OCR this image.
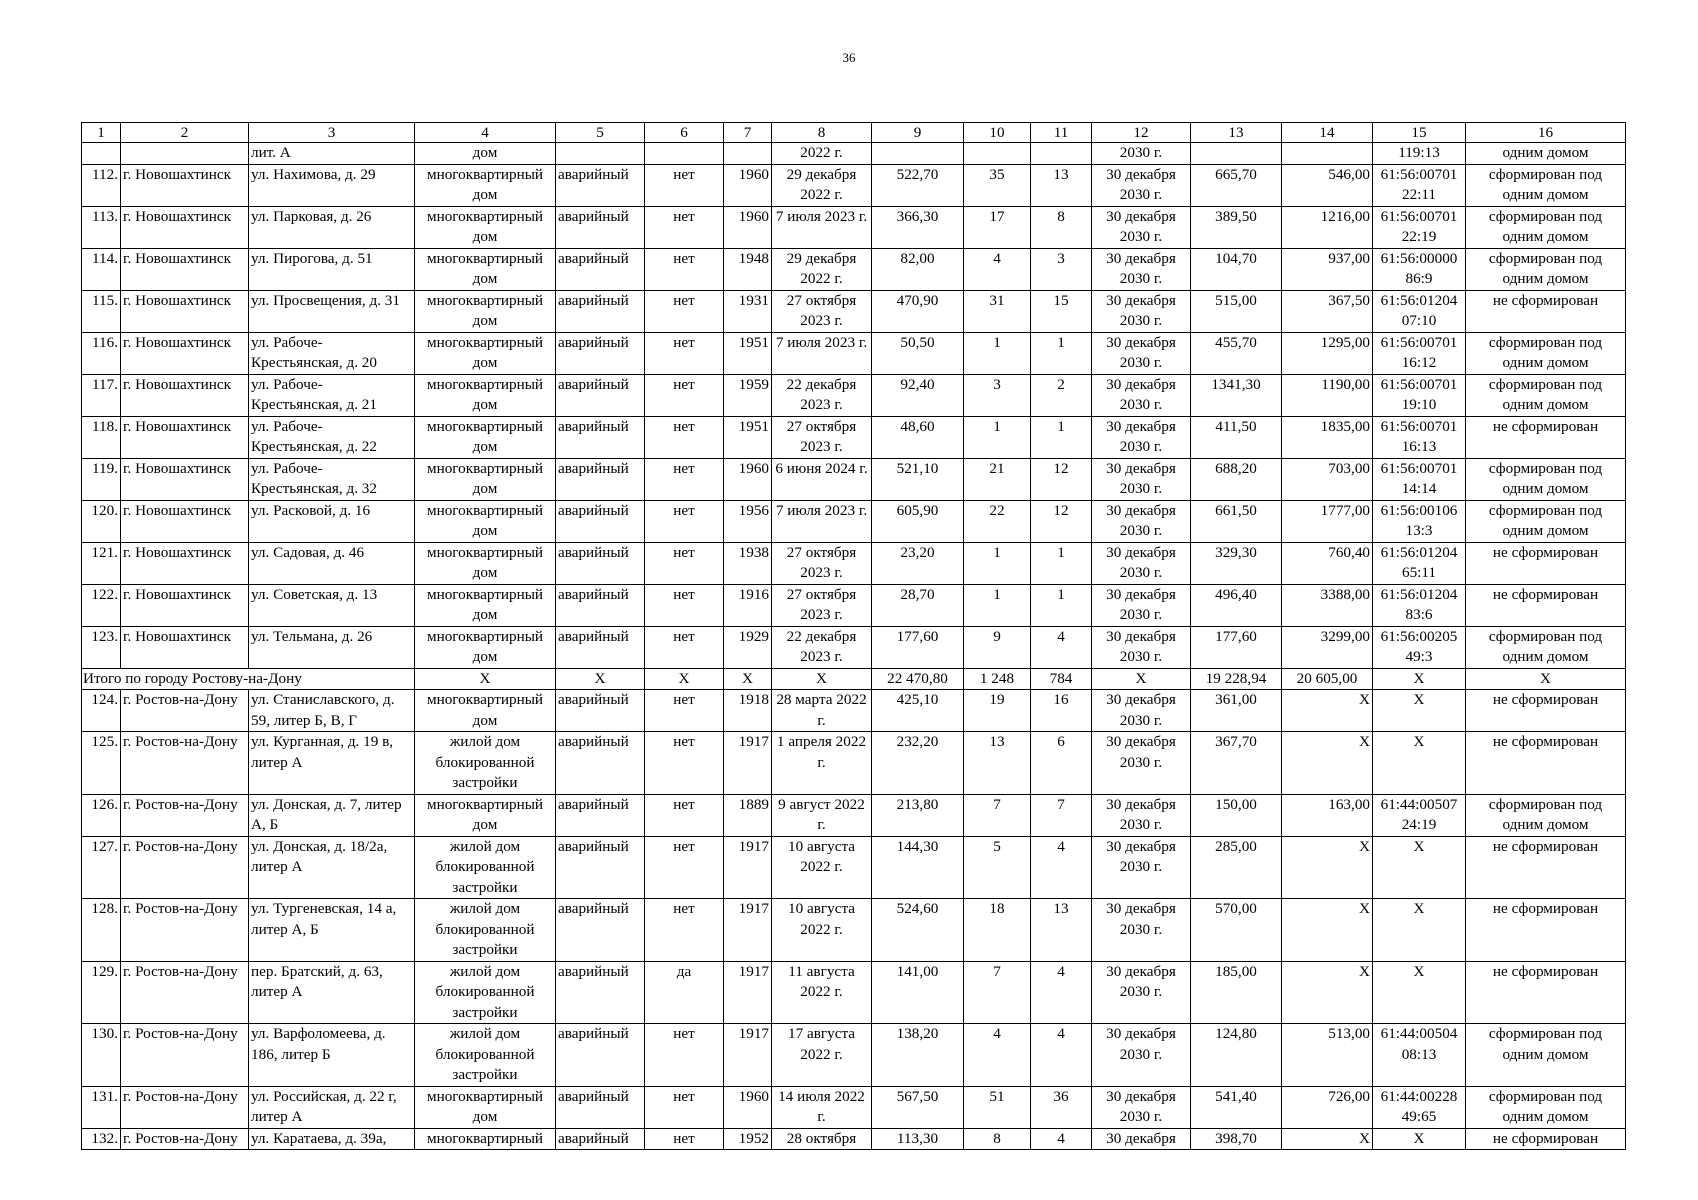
36
1	2	3	4	5	6	7	8	9	10	11	12	13	14	15	16
		лит. А	дом				2022 г.				2030 г.			119:13	одним домом
112.	г. Новошахтинск	ул. Нахимова, д. 29	многоквартирный дом	аварийный	нет	1960	29 декабря 2022 г.	522,70	35	13	30 декабря 2030 г.	665,70	546,00	61:56:00701 22:11	сформирован под одним домом
113.	г. Новошахтинск	ул. Парковая, д. 26	многоквартирный дом	аварийный	нет	1960	7 июля 2023 г.	366,30	17	8	30 декабря 2030 г.	389,50	1216,00	61:56:00701 22:19	сформирован под одним домом
114.	г. Новошахтинск	ул. Пирогова, д. 51	многоквартирный дом	аварийный	нет	1948	29 декабря 2022 г.	82,00	4	3	30 декабря 2030 г.	104,70	937,00	61:56:00000 86:9	сформирован под одним домом
115.	г. Новошахтинск	ул. Просвещения, д. 31	многоквартирный дом	аварийный	нет	1931	27 октября 2023 г.	470,90	31	15	30 декабря 2030 г.	515,00	367,50	61:56:01204 07:10	не сформирован
116.	г. Новошахтинск	ул. Рабоче-Крестьянская, д. 20	многоквартирный дом	аварийный	нет	1951	7 июля 2023 г.	50,50	1	1	30 декабря 2030 г.	455,70	1295,00	61:56:00701 16:12	сформирован под одним домом
117.	г. Новошахтинск	ул. Рабоче-Крестьянская, д. 21	многоквартирный дом	аварийный	нет	1959	22 декабря 2023 г.	92,40	3	2	30 декабря 2030 г.	1341,30	1190,00	61:56:00701 19:10	сформирован под одним домом
118.	г. Новошахтинск	ул. Рабоче-Крестьянская, д. 22	многоквартирный дом	аварийный	нет	1951	27 октября 2023 г.	48,60	1	1	30 декабря 2030 г.	411,50	1835,00	61:56:00701 16:13	не сформирован
119.	г. Новошахтинск	ул. Рабоче-Крестьянская, д. 32	многоквартирный дом	аварийный	нет	1960	6 июня 2024 г.	521,10	21	12	30 декабря 2030 г.	688,20	703,00	61:56:00701 14:14	сформирован под одним домом
120.	г. Новошахтинск	ул. Расковой, д. 16	многоквартирный дом	аварийный	нет	1956	7 июля 2023 г.	605,90	22	12	30 декабря 2030 г.	661,50	1777,00	61:56:00106 13:3	сформирован под одним домом
121.	г. Новошахтинск	ул. Садовая, д. 46	многоквартирный дом	аварийный	нет	1938	27 октября 2023 г.	23,20	1	1	30 декабря 2030 г.	329,30	760,40	61:56:01204 65:11	не сформирован
122.	г. Новошахтинск	ул. Советская, д. 13	многоквартирный дом	аварийный	нет	1916	27 октября 2023 г.	28,70	1	1	30 декабря 2030 г.	496,40	3388,00	61:56:01204 83:6	не сформирован
123.	г. Новошахтинск	ул. Тельмана, д. 26	многоквартирный дом	аварийный	нет	1929	22 декабря 2023 г.	177,60	9	4	30 декабря 2030 г.	177,60	3299,00	61:56:00205 49:3	сформирован под одним домом
Итого по городу Ростову-на-Дону			Х	Х	Х	Х	Х	22 470,80	1 248	784	Х	19 228,94	20 605,00	Х	Х
124.	г. Ростов-на-Дону	ул. Станиславского, д. 59, литер Б, В, Г	многоквартирный дом	аварийный	нет	1918	28 марта 2022 г.	425,10	19	16	30 декабря 2030 г.	361,00	Х	Х	не сформирован
125.	г. Ростов-на-Дону	ул. Курганная, д. 19 в, литер А	жилой дом блокированной застройки	аварийный	нет	1917	1 апреля 2022 г.	232,20	13	6	30 декабря 2030 г.	367,70	Х	Х	не сформирован
126.	г. Ростов-на-Дону	ул. Донская, д. 7, литер А, Б	многоквартирный дом	аварийный	нет	1889	9 август 2022 г.	213,80	7	7	30 декабря 2030 г.	150,00	163,00	61:44:00507 24:19	сформирован под одним домом
127.	г. Ростов-на-Дону	ул. Донская, д. 18/2а, литер А	жилой дом блокированной застройки	аварийный	нет	1917	10 августа 2022 г.	144,30	5	4	30 декабря 2030 г.	285,00	Х	Х	не сформирован
128.	г. Ростов-на-Дону	ул. Тургеневская, 14 а, литер А, Б	жилой дом блокированной застройки	аварийный	нет	1917	10 августа 2022 г.	524,60	18	13	30 декабря 2030 г.	570,00	Х	Х	не сформирован
129.	г. Ростов-на-Дону	пер. Братский, д. 63, литер А	жилой дом блокированной застройки	аварийный	да	1917	11 августа 2022 г.	141,00	7	4	30 декабря 2030 г.	185,00	Х	Х	не сформирован
130.	г. Ростов-на-Дону	ул. Варфоломеева, д. 186, литер Б	жилой дом блокированной застройки	аварийный	нет	1917	17 августа 2022 г.	138,20	4	4	30 декабря 2030 г.	124,80	513,00	61:44:00504 08:13	сформирован под одним домом
131.	г. Ростов-на-Дону	ул. Российская, д. 22 г, литер А	многоквартирный дом	аварийный	нет	1960	14 июля 2022 г.	567,50	51	36	30 декабря 2030 г.	541,40	726,00	61:44:00228 49:65	сформирован под одним домом
132.	г. Ростов-на-Дону	ул. Каратаева, д. 39а,	многоквартирный	аварийный	нет	1952	28 октября	113,30	8	4	30 декабря	398,70	Х	Х	не сформирован
